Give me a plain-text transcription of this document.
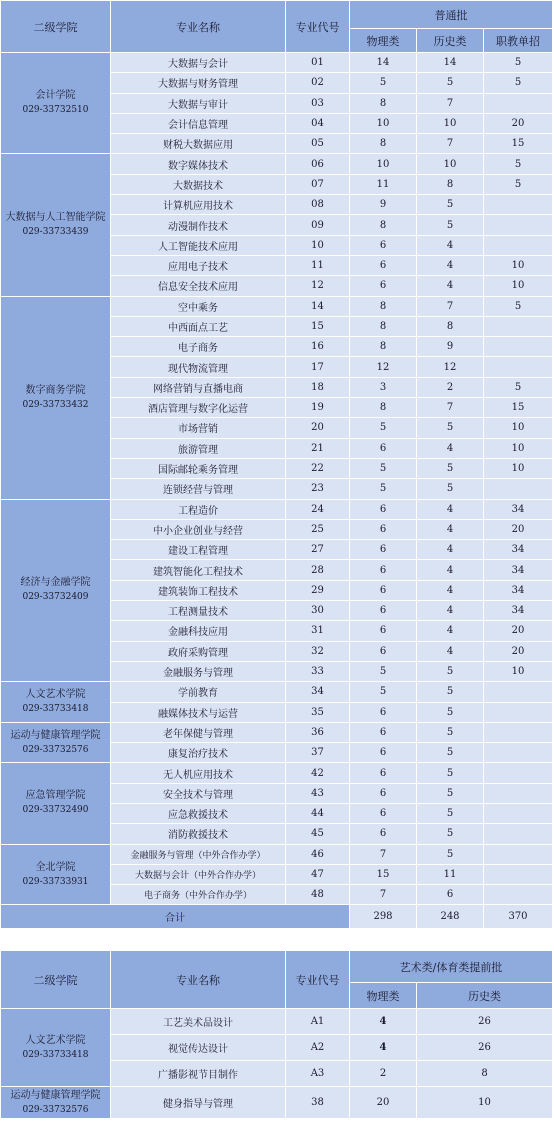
二级学院	专业名称	专业代号	普通批		
			物理类	历史类	职教单招
会计学院
029-33732510	大数据与会计	01	14	14	5
	大数据与财务管理	02	5	5	5
	大数据与审计	03	8	7	
	会计信息管理	04	10	10	20
	财税大数据应用	05	8	7	15
大数据与人工智能学院
029-33733439	数字媒体技术	06	10	10	5
	大数据技术	07	11	8	5
	计算机应用技术	08	9	5	
	动漫制作技术	09	8	5	
	人工智能技术应用	10	6	4	
	应用电子技术	11	6	4	10
	信息安全技术应用	12	6	4	10
数字商务学院
029-33733432	空中乘务	14	8	7	5
	中西面点工艺	15	8	8	
	电子商务	16	8	9	
	现代物流管理	17	12	12	
	网络营销与直播电商	18	3	2	5
	酒店管理与数字化运营	19	8	7	15
	市场营销	20	5	5	10
	旅游管理	21	6	4	10
	国际邮轮乘务管理	22	5	5	10
	连锁经营与管理	23	5	5	
经济与金融学院
029-33732409	工程造价	24	6	4	34
	中小企业创业与经营	25	6	4	20
	建设工程管理	27	6	4	34
	建筑智能化工程技术	28	6	4	34
	建筑装饰工程技术	29	6	4	34
	工程测量技术	30	6	4	34
	金融科技应用	31	6	4	20
	政府采购管理	32	6	4	20
	金融服务与管理	33	5	5	10
人文艺术学院
029-33733418	学前教育	34	5	5	
	融媒体技术与运营	35	6	5	
运动与健康管理学院
029-33732576	老年保健与管理	36	6	5	
	康复治疗技术	37	6	5	
应急管理学院
029-33732490	无人机应用技术	42	6	5	
	安全技术与管理	43	6	5	
	应急救援技术	44	6	5	
	消防救援技术	45	6	5	
全北学院
029-33733931	金融服务与管理（中外合作办学）	46	7	5	
	大数据与会计（中外合作办学）	47	15	11	
	电子商务（中外合作办学）	48	7	6	
合计			298	248	370
二级学院	专业名称	专业代号	艺术类/体育类提前批	
			物理类	历史类
人文艺术学院
029-33733418	工艺美术品设计	A1	4	26
	视觉传达设计	A2	4	26
	广播影视节目制作	A3	2	8
运动与健康管理学院
029-33732576	健身指导与管理	38	20	10
